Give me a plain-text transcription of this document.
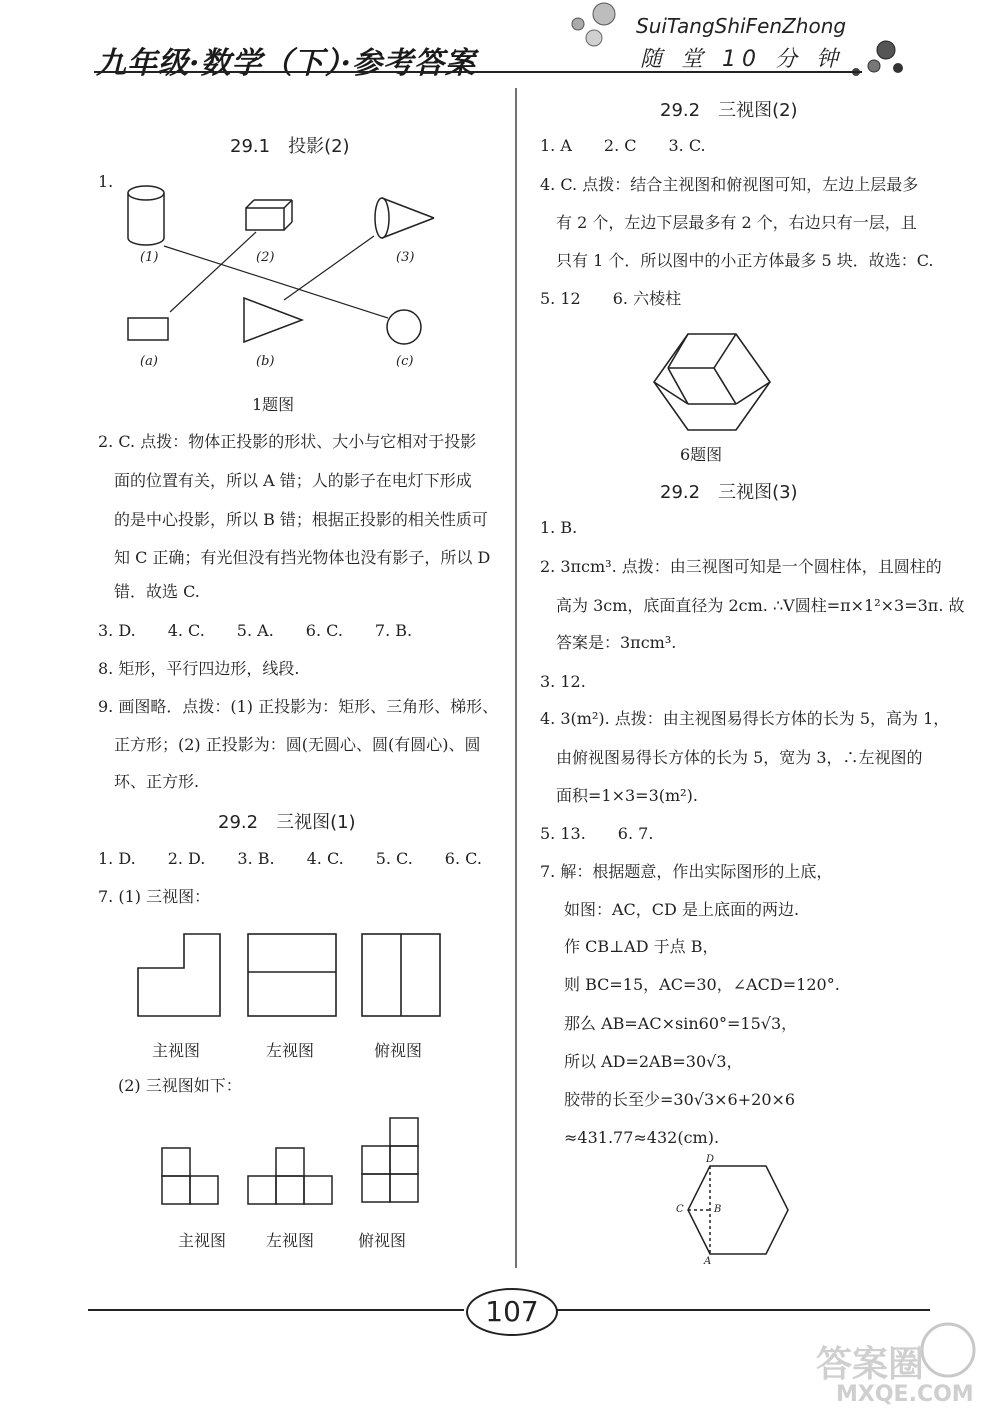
九年级·数学（下）·参考答案
SuiTangShiFenZhong
随 堂 10 分 钟
29.1　投影(2)
1.
(1)	(2)	(3)
(a)	(b)	(c)
1题图
2. C. 点拨：物体正投影的形状、大小与它相对于投影
面的位置有关，所以 A 错；人的影子在电灯下形成
的是中心投影，所以 B 错；根据正投影的相关性质可
知 C 正确；有光但没有挡光物体也没有影子，所以 D
错．故选 C.
3. D.　　4. C.　　5. A.　　6. C.　　7. B.
8. 矩形，平行四边形，线段.
9. 画图略．点拨：(1) 正投影为：矩形、三角形、梯形、
正方形；(2) 正投影为：圆(无圆心、圆(有圆心)、圆
环、正方形.
29.2　三视图(1)
1. D.　　2. D.　　3. B.　　4. C.　　5. C.　　6. C.
7. (1) 三视图：
主视图	左视图	俯视图
(2) 三视图如下：
主视图 左视图	俯视图
29.2　三视图(2)
1. A　　2. C　　3. C.
4. C. 点拨：结合主视图和俯视图可知，左边上层最多
有 2 个，左边下层最多有 2 个，右边只有一层，且
只有 1 个．所以图中的小正方体最多 5 块．故选：C.
5. 12　　6. 六棱柱
6题图
29.2　三视图(3)
1. B.
2. 3πcm³. 点拨：由三视图可知是一个圆柱体，且圆柱的
高为 3cm，底面直径为 2cm. ∴V圆柱=π×1²×3=3π. 故
答案是：3πcm³.
3. 12.
4. 3(m²). 点拨：由主视图易得长方体的长为 5，高为 1，
由俯视图易得长方体的长为 5，宽为 3，∴左视图的
面积=1×3=3(m²).
5. 13.　　6. 7.
7. 解：根据题意，作出实际图形的上底，
如图：AC，CD 是上底面的两边.
作 CB⊥AD 于点 B，
则 BC=15，AC=30，∠ACD=120°.
那么 AB=AC×sin60°=15√3，
所以 AD=2AB=30√3，
胶带的长至少=30√3×6+20×6
≈431.77≈432(cm).
D
C	B
A
107
答案圈
MXQE.COM
